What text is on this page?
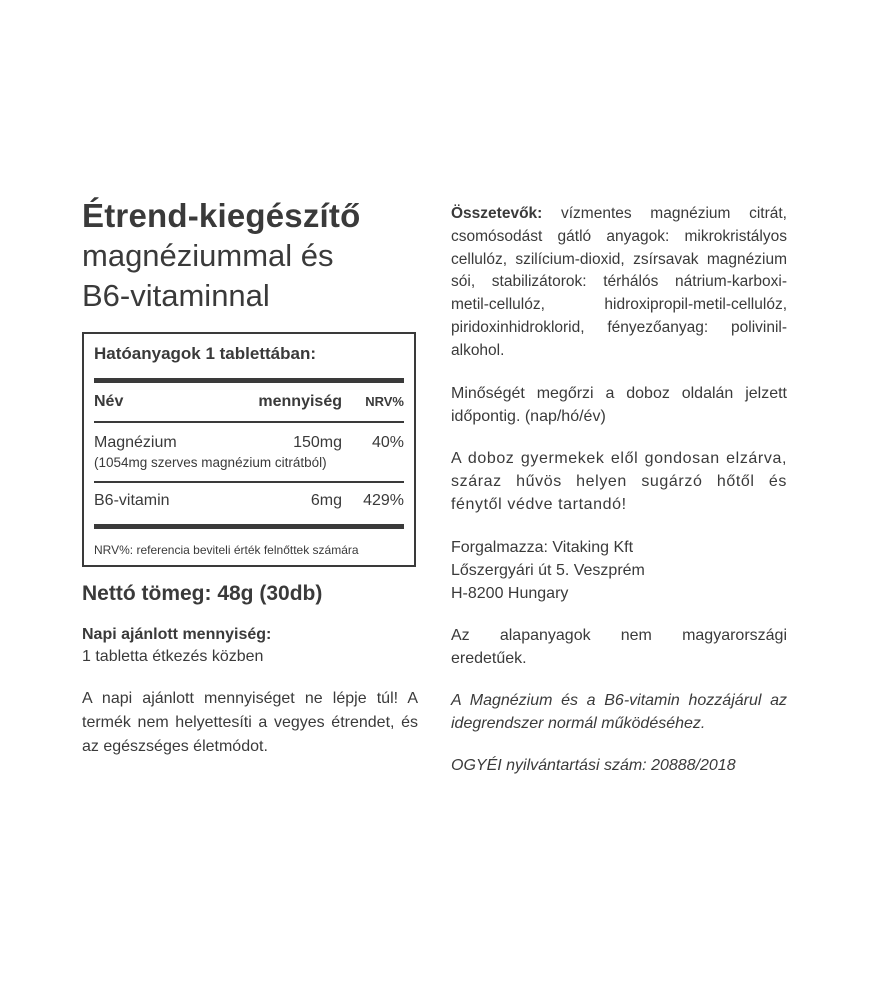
Étrend-kiegészítő
magnéziummal és
B6-vitaminnal
Hatóanyagok 1 tablettában:
Név	mennyiség	NRV%
Magnézium	150mg	40%
(1054mg szerves magnézium citrátból)
B6-vitamin	6mg	429%
NRV%: referencia beviteli érték felnőttek számára
Nettó tömeg: 48g (30db)
Napi ajánlott mennyiség:
1 tabletta étkezés közben

A napi ajánlott mennyiséget ne lépje túl! A termék nem helyettesíti a vegyes étrendet, és az egészséges életmódot.

Összetevők: vízmentes magnézium citrát, csomósodást gátló anyagok: mikrokristályos cellulóz, szilícium-dioxid, zsírsavak magnézium sói, stabilizátorok: térhálós nátrium-karboxi-metil-cellulóz, hidroxipropil-metil-cellulóz, piridoxinhidroklorid, fényezőanyag: polivinil-alkohol.

Minőségét megőrzi a doboz oldalán jelzett időpontig. (nap/hó/év)

A doboz gyermekek elől gondosan elzárva, száraz hűvös helyen sugárzó hőtől és fénytől védve tartandó!

Forgalmazza: Vitaking Kft
Lőszergyári út 5. Veszprém
H-8200 Hungary

Az alapanyagok nem magyarországi eredetűek.

A Magnézium és a B6-vitamin hozzájárul az idegrendszer normál működéséhez.

OGYÉI nyilvántartási szám: 20888/2018
